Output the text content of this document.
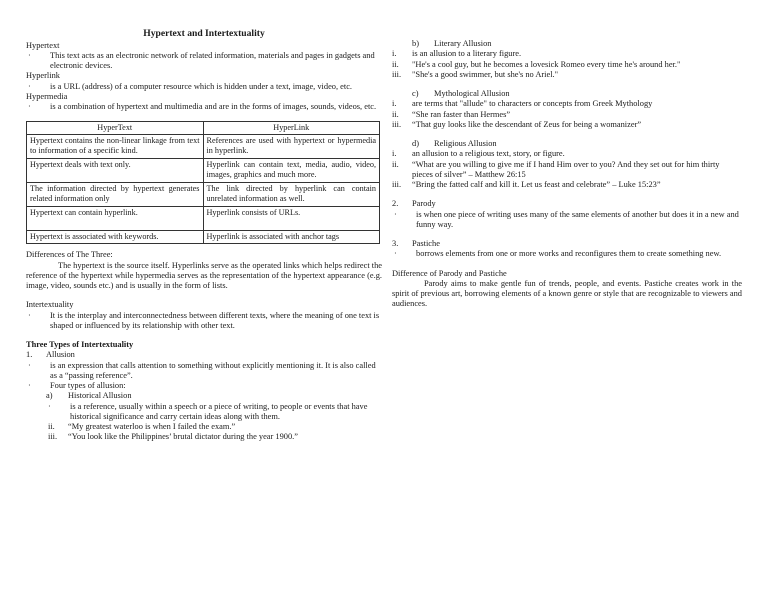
Hypertext and Intertextuality
Hypertext
·	This text acts as an electronic network of related information, materials and pages in gadgets and electronic devices.
Hyperlink
·	is a URL (address) of a computer resource which is hidden under a text, image, video, etc.
Hypermedia
·	is a combination of hypertext and multimedia and are in the forms of images, sounds, videos, etc.
HyperText	HyperLink
Hypertext contains the non-linear linkage from text to information of a specific kind.	References are used with hypertext or hypermedia in hyperlink.
Hypertext deals with text only.	Hyperlink can contain text, media, audio, video, images, graphics and much more.
The information directed by hypertext generates related information only	The link directed by hyperlink can contain unrelated information as well.
Hypertext can contain hyperlink.	Hyperlink consists of URLs.
Hypertext is associated with keywords.	Hyperlink is associated with anchor tags
Differences of The Three:
The hypertext is the source itself. Hyperlinks serve as the operated links which helps redirect the reference of the hypertext while hypermedia serves as the representation of the hypertext appearance (e.g. image, video, sounds etc.) and is usually in the form of lists.
Intertextuality
·	It is the interplay and interconnectedness between different texts, where the meaning of one text is shaped or influenced by its relationship with other text.
Three Types of Intertextuality
1.	Allusion
·	is an expression that calls attention to something without explicitly mentioning it. It is also called as a “passing reference”.
·	Four types of allusion:
a)	Historical Allusion
·	is a reference, usually within a speech or a piece of writing, to people or events that have historical significance and carry certain ideas along with them.
ii.	“My greatest waterloo is when I failed the exam.”
iii.	“You look like the Philippines’ brutal dictator during the year 1900.”
b)	Literary Allusion
i.	is an allusion to a literary figure.
ii.	"He's a cool guy, but he becomes a lovesick Romeo every time he's around her."
iii.	"She's a good swimmer, but she's no Ariel."
c)	Mythological Allusion
i.	are terms that "allude" to characters or concepts from Greek Mythology
ii.	“She ran faster than Hermes”
iii.	“That guy looks like the descendant of Zeus for being a womanizer”
d)	Religious Allusion
i.	an allusion to a religious text, story, or figure.
ii.	“What are you willing to give me if I hand Him over to you? And they set out for him thirty pieces of silver” – Matthew 26:15
iii.	“Bring the fatted calf and kill it. Let us feast and celebrate” – Luke 15:23”
2.	Parody
·	is when one piece of writing uses many of the same elements of another but does it in a new and funny way.
3.	Pastiche
·	borrows elements from one or more works and reconfigures them to create something new.
Difference of Parody and Pastiche
Parody aims to make gentle fun of trends, people, and events. Pastiche creates work in the spirit of previous art, borrowing elements of a known genre or style that are recognizable to viewers and audiences.
